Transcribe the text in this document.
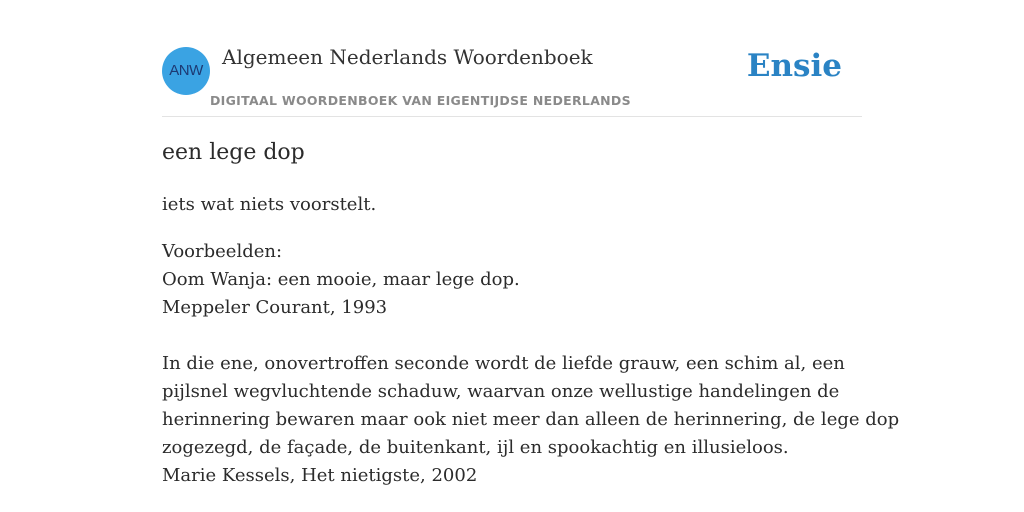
ANW
Algemeen Nederlands Woordenboek
DIGITAAL WOORDENBOEK VAN EIGENTIJDSE NEDERLANDS
Ensie
een lege dop
iets wat niets voorstelt.
Voorbeelden:
Oom Wanja: een mooie, maar lege dop.
Meppeler Courant, 1993
In die ene, onovertroffen seconde wordt de liefde grauw, een schim al, een
pijlsnel wegvluchtende schaduw, waarvan onze wellustige handelingen de
herinnering bewaren maar ook niet meer dan alleen de herinnering, de lege dop
zogezegd, de façade, de buitenkant, ijl en spookachtig en illusieloos.
Marie Kessels, Het nietigste, 2002
